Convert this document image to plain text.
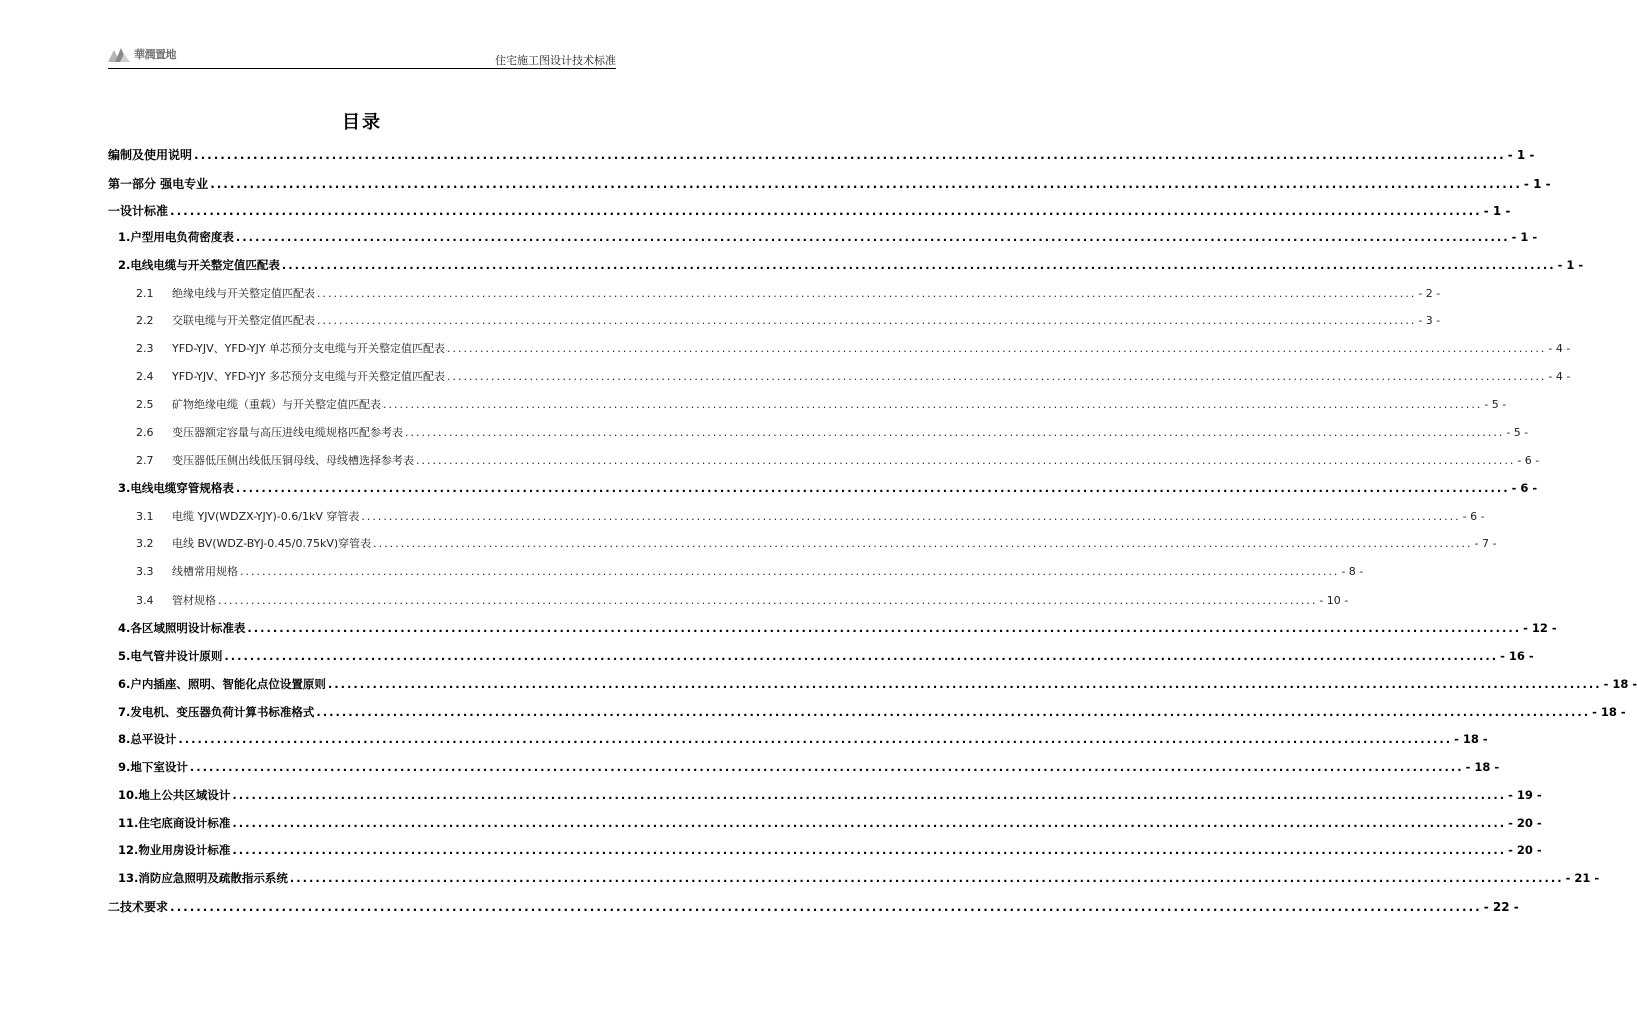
華潤置地	住宅施工图设计技术标准
目录
编制及使用说明 ........................................................................................................................................................................................................ - 1 -
第一部分 强电专业 ........................................................................................................................................................................................................ - 1 -
一设计标准 ........................................................................................................................................................................................................ - 1 -
1.户型用电负荷密度表 ........................................................................................................................................................................................................ - 1 -
2.电线电缆与开关整定值匹配表 ........................................................................................................................................................................................................ - 1 -
2.1 绝缘电线与开关整定值匹配表 ........................................................................................................................................................................................................ - 2 -
2.2 交联电缆与开关整定值匹配表 ........................................................................................................................................................................................................ - 3 -
2.3 YFD-YJV、YFD-YJY 单芯预分支电缆与开关整定值匹配表 ........................................................................................................................................................................................................ - 4 -
2.4 YFD-YJV、YFD-YJY 多芯预分支电缆与开关整定值匹配表 ........................................................................................................................................................................................................ - 4 -
2.5 矿物绝缘电缆（重载）与开关整定值匹配表 ........................................................................................................................................................................................................ - 5 -
2.6 变压器额定容量与高压进线电缆规格匹配参考表 ........................................................................................................................................................................................................ - 5 -
2.7 变压器低压侧出线低压铜母线、母线槽选择参考表 ........................................................................................................................................................................................................ - 6 -
3.电线电缆穿管规格表 ........................................................................................................................................................................................................ - 6 -
3.1 电缆 YJV(WDZX-YJY)-0.6/1kV 穿管表 ........................................................................................................................................................................................................ - 6 -
3.2 电线 BV(WDZ-BYJ-0.45/0.75kV)穿管表 ........................................................................................................................................................................................................ - 7 -
3.3 线槽常用规格 ........................................................................................................................................................................................................ - 8 -
3.4 管材规格 ........................................................................................................................................................................................................ - 10 -
4.各区域照明设计标准表 ........................................................................................................................................................................................................ - 12 -
5.电气管井设计原则 ........................................................................................................................................................................................................ - 16 -
6.户内插座、照明、智能化点位设置原则 ........................................................................................................................................................................................................ - 18 -
7.发电机、变压器负荷计算书标准格式 ........................................................................................................................................................................................................ - 18 -
8.总平设计 ........................................................................................................................................................................................................ - 18 -
9.地下室设计 ........................................................................................................................................................................................................ - 18 -
10.地上公共区域设计 ........................................................................................................................................................................................................ - 19 -
11.住宅底商设计标准 ........................................................................................................................................................................................................ - 20 -
12.物业用房设计标准 ........................................................................................................................................................................................................ - 20 -
13.消防应急照明及疏散指示系统 ........................................................................................................................................................................................................ - 21 -
二技术要求 ........................................................................................................................................................................................................ - 22 -
